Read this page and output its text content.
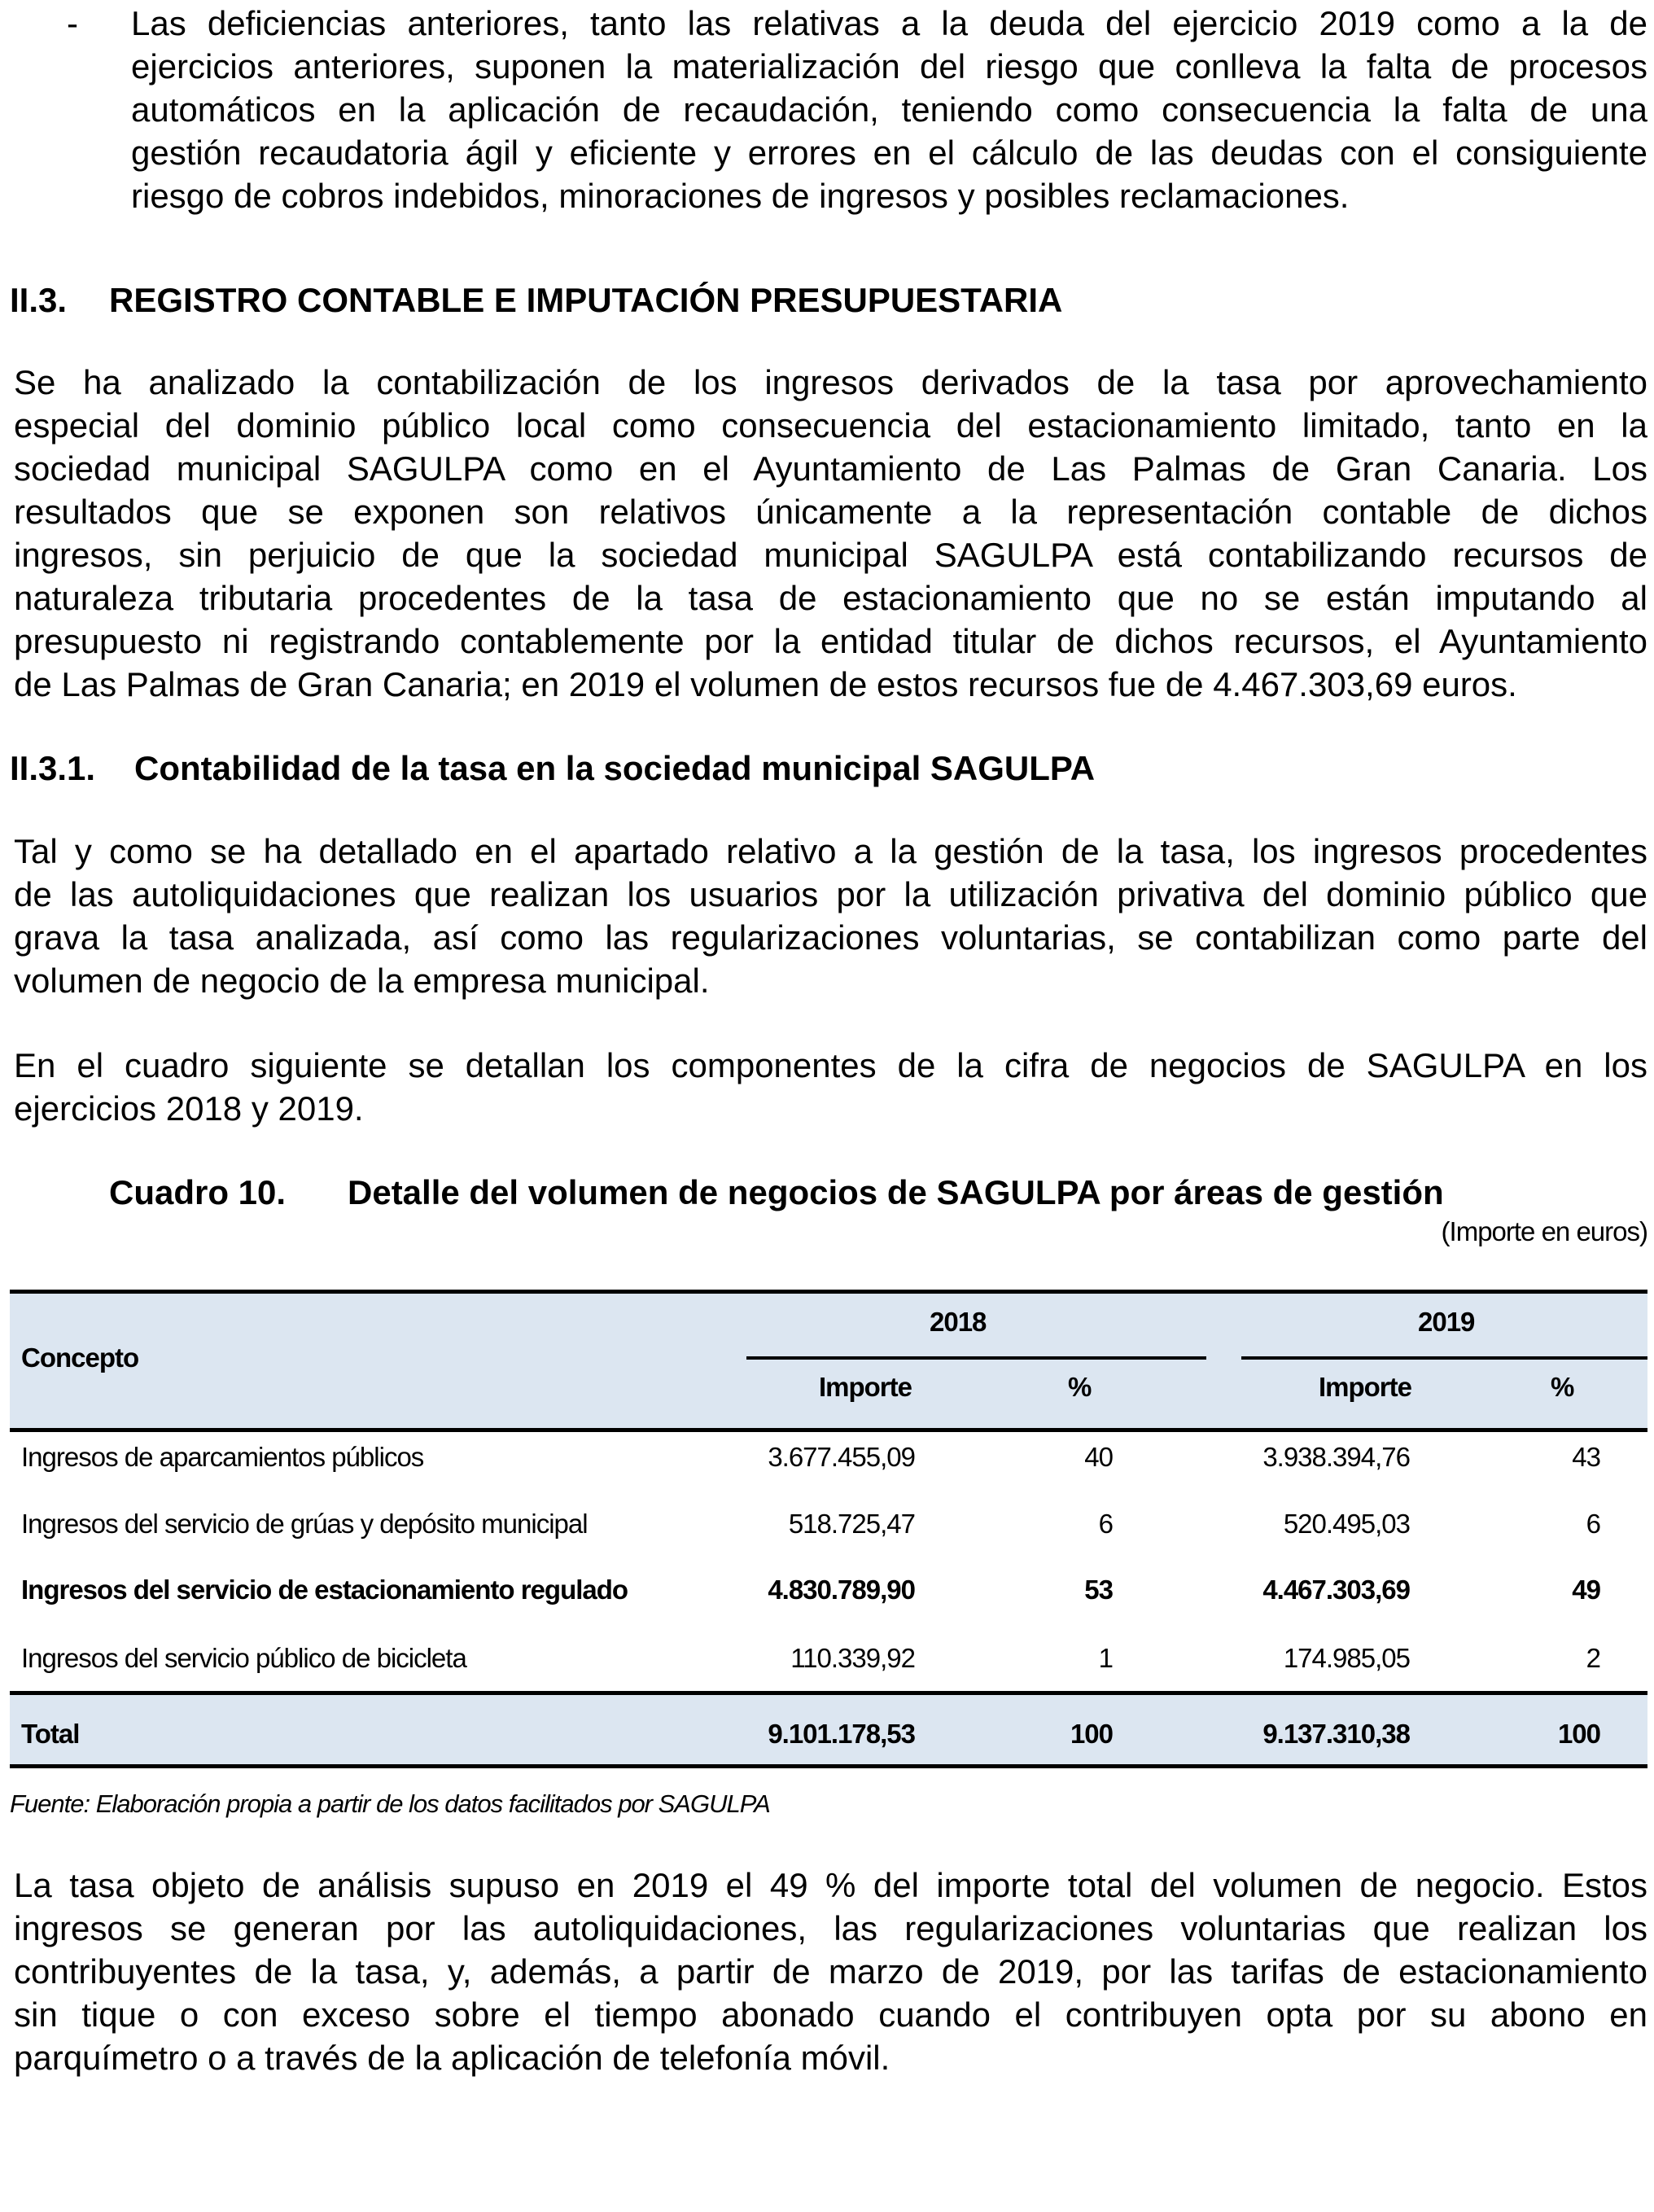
- Las deficiencias anteriores, tanto las relativas a la deuda del ejercicio 2019 como a la de
ejercicios anteriores, suponen la materialización del riesgo que conlleva la falta de procesos
automáticos en la aplicación de recaudación, teniendo como consecuencia la falta de una
gestión recaudatoria ágil y eficiente y errores en el cálculo de las deudas con el consiguiente
riesgo de cobros indebidos, minoraciones de ingresos y posibles reclamaciones.
II.3. REGISTRO CONTABLE E IMPUTACIÓN PRESUPUESTARIA
Se ha analizado la contabilización de los ingresos derivados de la tasa por aprovechamiento
especial del dominio público local como consecuencia del estacionamiento limitado, tanto en la
sociedad municipal SAGULPA como en el Ayuntamiento de Las Palmas de Gran Canaria. Los
resultados que se exponen son relativos únicamente a la representación contable de dichos
ingresos, sin perjuicio de que la sociedad municipal SAGULPA está contabilizando recursos de
naturaleza tributaria procedentes de la tasa de estacionamiento que no se están imputando al
presupuesto ni registrando contablemente por la entidad titular de dichos recursos, el Ayuntamiento
de Las Palmas de Gran Canaria; en 2019 el volumen de estos recursos fue de 4.467.303,69 euros.
II.3.1. Contabilidad de la tasa en la sociedad municipal SAGULPA
Tal y como se ha detallado en el apartado relativo a la gestión de la tasa, los ingresos procedentes
de las autoliquidaciones que realizan los usuarios por la utilización privativa del dominio público que
grava la tasa analizada, así como las regularizaciones voluntarias, se contabilizan como parte del
volumen de negocio de la empresa municipal.
En el cuadro siguiente se detallan los componentes de la cifra de negocios de SAGULPA en los
ejercicios 2018 y 2019.
Cuadro 10. Detalle del volumen de negocios de SAGULPA por áreas de gestión
(Importe en euros)
Concepto
2018	2019
Importe	%	Importe	%
Ingresos de aparcamientos públicos	3.677.455,09	40	3.938.394,76	43
Ingresos del servicio de grúas y depósito municipal	518.725,47	6	520.495,03	6
Ingresos del servicio de estacionamiento regulado	4.830.789,90	53	4.467.303,69	49
Ingresos del servicio público de bicicleta	110.339,92	1	174.985,05	2
Total	9.101.178,53	100	9.137.310,38	100
Fuente: Elaboración propia a partir de los datos facilitados por SAGULPA
La tasa objeto de análisis supuso en 2019 el 49 % del importe total del volumen de negocio. Estos
ingresos se generan por las autoliquidaciones, las regularizaciones voluntarias que realizan los
contribuyentes de la tasa, y, además, a partir de marzo de 2019, por las tarifas de estacionamiento
sin tique o con exceso sobre el tiempo abonado cuando el contribuyen opta por su abono en
parquímetro o a través de la aplicación de telefonía móvil.
